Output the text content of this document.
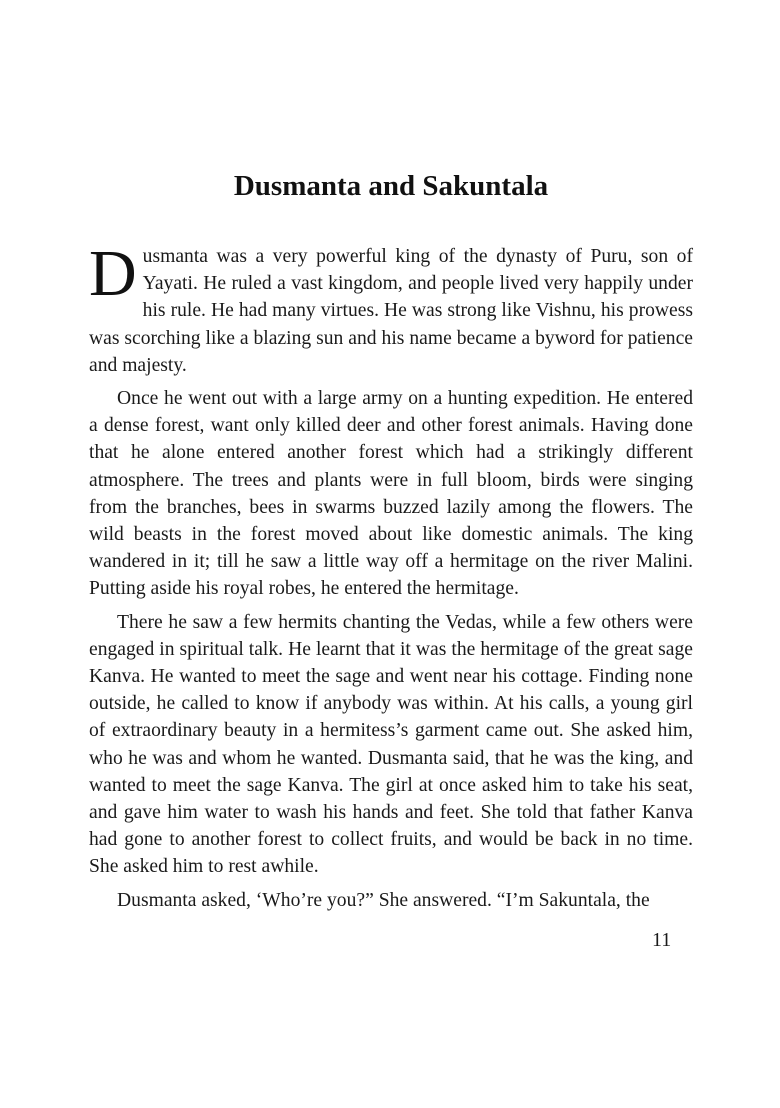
Dusmanta and Sakuntala

Dusmanta was a very powerful king of the dynasty of Puru, son of Yayati. He ruled a vast kingdom, and people lived very happily under his rule. He had many virtues. He was strong like Vishnu, his prowess was scorching like a blazing sun and his name became a byword for patience and majesty.

Once he went out with a large army on a hunting expedition. He entered a dense forest, want only killed deer and other forest animals. Having done that he alone entered another forest which had a strikingly different atmosphere. The trees and plants were in full bloom, birds were singing from the branches, bees in swarms buzzed lazily among the flowers. The wild beasts in the forest moved about like domestic animals. The king wandered in it; till he saw a little way off a hermitage on the river Malini. Putting aside his royal robes, he entered the hermitage.

There he saw a few hermits chanting the Vedas, while a few others were engaged in spiritual talk. He learnt that it was the hermitage of the great sage Kanva. He wanted to meet the sage and went near his cottage. Finding none outside, he called to know if anybody was within. At his calls, a young girl of extraordinary beauty in a hermitess’s garment came out. She asked him, who he was and whom he wanted. Dusmanta said, that he was the king, and wanted to meet the sage Kanva. The girl at once asked him to take his seat, and gave him water to wash his hands and feet. She told that father Kanva had gone to another forest to collect fruits, and would be back in no time. She asked him to rest awhile.

Dusmanta asked, ‘Who’re you?” She answered. “I’m Sakuntala, the

11
